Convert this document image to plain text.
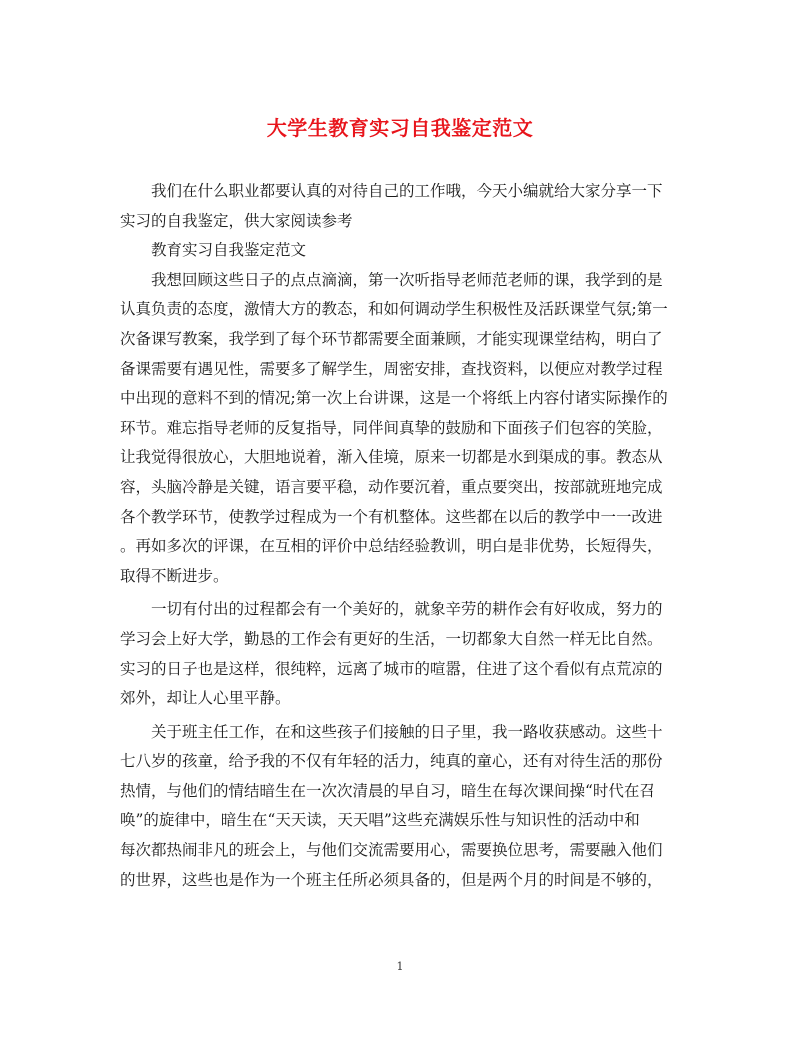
大学生教育实习自我鉴定范文

　　我们在什么职业都要认真的对待自己的工作哦，今天小编就给大家分享一下
实习的自我鉴定，供大家阅读参考

　　教育实习自我鉴定范文

　　我想回顾这些日子的点点滴滴，第一次听指导老师范老师的课，我学到的是
认真负责的态度，激情大方的教态，和如何调动学生积极性及活跃课堂气氛;第一
次备课写教案，我学到了每个环节都需要全面兼顾，才能实现课堂结构，明白了
备课需要有遇见性，需要多了解学生，周密安排，查找资料，以便应对教学过程
中出现的意料不到的情况;第一次上台讲课，这是一个将纸上内容付诸实际操作的
环节。难忘指导老师的反复指导，同伴间真挚的鼓励和下面孩子们包容的笑脸，
让我觉得很放心，大胆地说着，渐入佳境，原来一切都是水到渠成的事。教态从
容，头脑冷静是关键，语言要平稳，动作要沉着，重点要突出，按部就班地完成
各个教学环节，使教学过程成为一个有机整体。这些都在以后的教学中一一改进
。再如多次的评课，在互相的评价中总结经验教训，明白是非优势，长短得失，
取得不断进步。

　　一切有付出的过程都会有一个美好的，就象辛劳的耕作会有好收成，努力的
学习会上好大学，勤恳的工作会有更好的生活，一切都象大自然一样无比自然。
实习的日子也是这样，很纯粹，远离了城市的喧嚣，住进了这个看似有点荒凉的
郊外，却让人心里平静。

　　关于班主任工作，在和这些孩子们接触的日子里，我一路收获感动。这些十
七八岁的孩童，给予我的不仅有年轻的活力，纯真的童心，还有对待生活的那份
热情，与他们的情结暗生在一次次清晨的早自习，暗生在每次课间操“时代在召
唤”的旋律中，暗生在“天天读，天天唱”这些充满娱乐性与知识性的活动中和
每次都热闹非凡的班会上，与他们交流需要用心，需要换位思考，需要融入他们
的世界，这些也是作为一个班主任所必须具备的，但是两个月的时间是不够的，

1
